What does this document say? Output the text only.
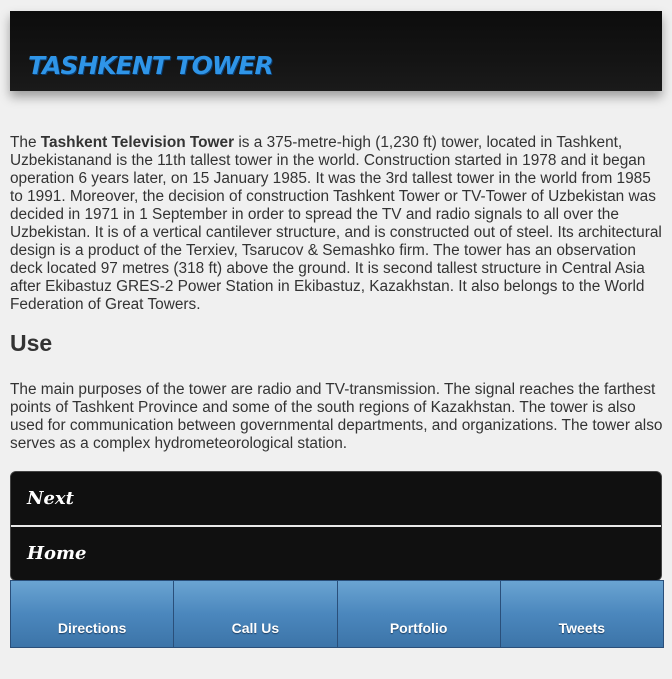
TASHKENT TOWER

The Tashkent Television Tower is a 375-metre-high (1,230 ft) tower, located in Tashkent, Uzbekistanand is the 11th tallest tower in the world. Construction started in 1978 and it began operation 6 years later, on 15 January 1985. It was the 3rd tallest tower in the world from 1985 to 1991. Moreover, the decision of construction Tashkent Tower or TV-Tower of Uzbekistan was decided in 1971 in 1 September in order to spread the TV and radio signals to all over the Uzbekistan. It is of a vertical cantilever structure, and is constructed out of steel. Its architectural design is a product of the Terxiev, Tsarucov & Semashko firm. The tower has an observation deck located 97 metres (318 ft) above the ground. It is second tallest structure in Central Asia after Ekibastuz GRES-2 Power Station in Ekibastuz, Kazakhstan. It also belongs to the World Federation of Great Towers.

Use

The main purposes of the tower are radio and TV-transmission. The signal reaches the farthest points of Tashkent Province and some of the south regions of Kazakhstan. The tower is also used for communication between governmental departments, and organizations. The tower also serves as a complex hydrometeorological station.

Next
Home
Directions	Call Us	Portfolio	Tweets
